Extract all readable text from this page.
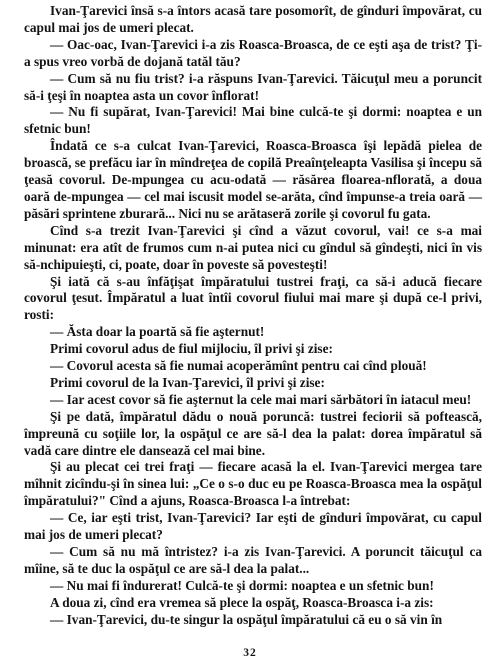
Ivan-Ţarevici însă s-a întors acasă tare posomorît, de gînduri împovărat, cu capul mai jos de umeri plecat.

— Oac-oac, Ivan-Ţarevici i-a zis Roasca-Broasca, de ce eşti aşa de trist? Ţi-a spus vreo vorbă de dojană tatăl tău?

— Cum să nu fiu trist? i-a răspuns Ivan-Ţarevici. Tăicuţul meu a poruncit să-i ţeşi în noaptea asta un covor înflorat!

— Nu fi supărat, Ivan-Ţarevici! Mai bine culcă-te şi dormi: noaptea e un sfetnic bun!

Îndată ce s-a culcat Ivan-Ţarevici, Roasca-Broasca îşi lepădă pielea de broască, se prefăcu iar în mîndreţea de copilă Preaînţeleapta Vasilisa şi începu să ţeasă covorul. De-mpungea cu acu-odată — răsărea floarea-nflorată, a doua oară de-mpungea — cel mai iscusit model se-arăta, cînd împunse-a treia oară — păsări sprintene zburară... Nici nu se arătaseră zorile şi covorul fu gata.

Cînd s-a trezit Ivan-Ţarevici şi cînd a văzut covorul, vai! ce s-a mai minunat: era atît de frumos cum n-ai putea nici cu gîndul să gîndeşti, nici în vis să-nchipuieşti, ci, poate, doar în poveste să povesteşti!

Şi iată că s-au înfăţişat împăratului tustrei fraţi, ca să-i aducă fiecare covorul ţesut. Împăratul a luat întîi covorul fiului mai mare şi după ce-l privi, rosti:

— Ăsta doar la poartă să fie aşternut!

Primi covorul adus de fiul mijlociu, îl privi şi zise:

— Covorul acesta să fie numai acoperămînt pentru cai cînd plouă!

Primi covorul de la Ivan-Ţarevici, îl privi şi zise:

— Iar acest covor să fie aşternut la cele mai mari sărbători în iatacul meu!

Şi pe dată, împăratul dădu o nouă poruncă: tustrei feciorii să poftească, împreună cu soţiile lor, la ospăţul ce are să-l dea la palat: dorea împăratul să vadă care dintre ele dansează cel mai bine.

Şi au plecat cei trei fraţi — fiecare acasă la el. Ivan-Ţarevici mergea tare mîhnit zicîndu-şi în sinea lui: „Ce o s-o duc eu pe Roasca-Broasca mea la ospăţul împăratului?" Cînd a ajuns, Roasca-Broasca l-a întrebat:

— Ce, iar eşti trist, Ivan-Ţarevici? Iar eşti de gînduri împovărat, cu capul mai jos de umeri plecat?

— Cum să nu mă întristez? i-a zis Ivan-Ţarevici. A poruncit tăicuţul ca mîine, să te duc la ospăţul ce are să-l dea la palat...

— Nu mai fi îndurerat! Culcă-te şi dormi: noaptea e un sfetnic bun!

A doua zi, cînd era vremea să plece la ospăţ, Roasca-Broasca i-a zis:

— Ivan-Ţarevici, du-te singur la ospăţul împăratului că eu o să vin în

32
